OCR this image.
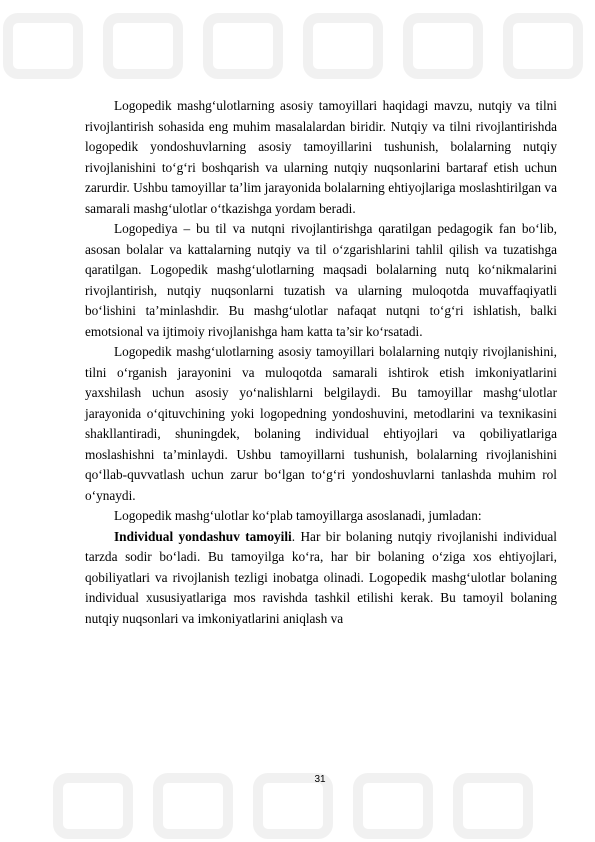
Logopedik mashg‘ulotlarning asosiy tamoyillari haqidagi mavzu, nutqiy va tilni rivojlantirish sohasida eng muhim masalalardan biridir. Nutqiy va tilni rivojlantirishda logopedik yondoshuvlarning asosiy tamoyillarini tushunish, bolalarning nutqiy rivojlanishini to‘g‘ri boshqarish va ularning nutqiy nuqsonlarini bartaraf etish uchun zarurdir. Ushbu tamoyillar ta’lim jarayonida bolalarning ehtiyojlariga moslashtirilgan va samarali mashg‘ulotlar o‘tkazishga yordam beradi.

Logopediya – bu til va nutqni rivojlantirishga qaratilgan pedagogik fan bo‘lib, asosan bolalar va kattalarning nutqiy va til o‘zgarishlarini tahlil qilish va tuzatishga qaratilgan. Logopedik mashg‘ulotlarning maqsadi bolalarning nutq ko‘nikmalarini rivojlantirish, nutqiy nuqsonlarni tuzatish va ularning muloqotda muvaffaqiyatli bo‘lishini ta’minlashdir. Bu mashg‘ulotlar nafaqat nutqni to‘g‘ri ishlatish, balki emotsional va ijtimoiy rivojlanishga ham katta ta’sir ko‘rsatadi.

Logopedik mashg‘ulotlarning asosiy tamoyillari bolalarning nutqiy rivojlanishini, tilni o‘rganish jarayonini va muloqotda samarali ishtirok etish imkoniyatlarini yaxshilash uchun asosiy yo‘nalishlarni belgilaydi. Bu tamoyillar mashg‘ulotlar jarayonida o‘qituvchining yoki logopedning yondoshuvini, metodlarini va texnikasini shakllantiradi, shuningdek, bolaning individual ehtiyojlari va qobiliyatlariga moslashishni ta’minlaydi. Ushbu tamoyillarni tushunish, bolalarning rivojlanishini qo‘llab-quvvatlash uchun zarur bo‘lgan to‘g‘ri yondoshuvlarni tanlashda muhim rol o‘ynaydi.

Logopedik mashg‘ulotlar ko‘plab tamoyillarga asoslanadi, jumladan:

Individual yondashuv tamoyili. Har bir bolaning nutqiy rivojlanishi individual tarzda sodir bo‘ladi. Bu tamoyilga ko‘ra, har bir bolaning o‘ziga xos ehtiyojlari, qobiliyatlari va rivojlanish tezligi inobatga olinadi. Logopedik mashg‘ulotlar bolaning individual xususiyatlariga mos ravishda tashkil etilishi kerak. Bu tamoyil bolaning nutqiy nuqsonlari va imkoniyatlarini aniqlash va

31
